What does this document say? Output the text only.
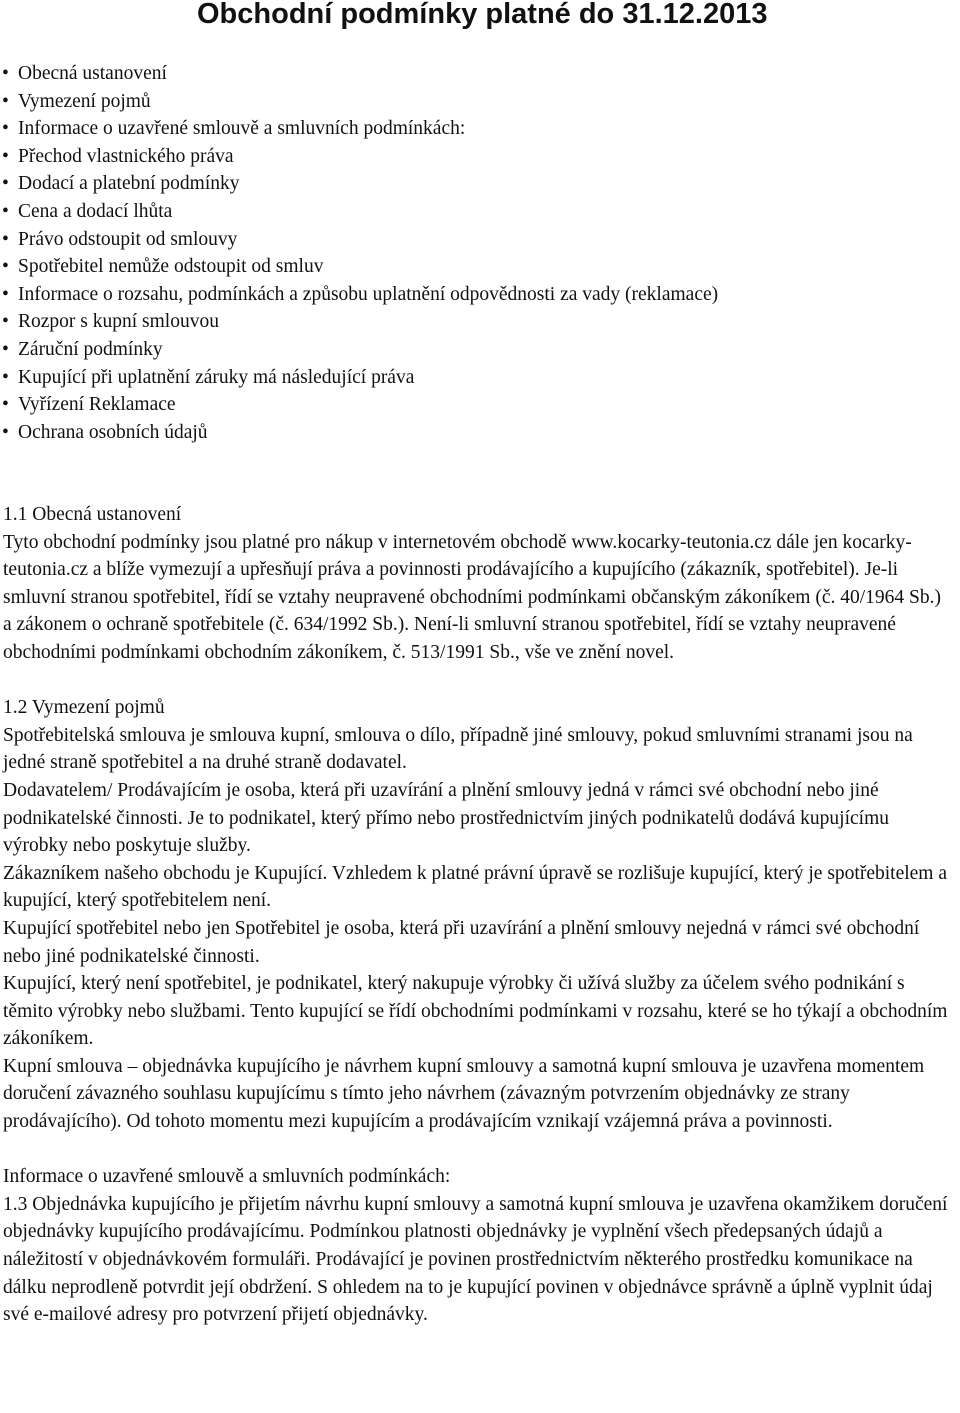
Obchodní podmínky platné do 31.12.2013
• Obecná ustanovení
• Vymezení pojmů
• Informace o uzavřené smlouvě a smluvních podmínkách:
• Přechod vlastnického práva
• Dodací a platební podmínky
• Cena a dodací lhůta
• Právo odstoupit od smlouvy
• Spotřebitel nemůže odstoupit od smluv
• Informace o rozsahu, podmínkách a způsobu uplatnění odpovědnosti za vady (reklamace)
• Rozpor s kupní smlouvou
• Záruční podmínky
• Kupující při uplatnění záruky má následující práva
• Vyřízení Reklamace
• Ochrana osobních údajů

1.1 Obecná ustanovení

Tyto obchodní podmínky jsou platné pro nákup v internetovém obchodě www.kocarky-teutonia.cz dále jen kocarky-teutonia.cz a blíže vymezují a upřesňují práva a povinnosti prodávajícího a kupujícího (zákazník, spotřebitel). Je-li smluvní stranou spotřebitel, řídí se vztahy neupravené obchodními podmínkami občanským zákoníkem (č. 40/1964 Sb.) a zákonem o ochraně spotřebitele (č. 634/1992 Sb.). Není-li smluvní stranou spotřebitel, řídí se vztahy neupravené obchodními podmínkami obchodním zákoníkem, č. 513/1991 Sb., vše ve znění novel.

1.2 Vymezení pojmů

Spotřebitelská smlouva je smlouva kupní, smlouva o dílo, případně jiné smlouvy, pokud smluvními stranami jsou na jedné straně spotřebitel a na druhé straně dodavatel.

Dodavatelem/ Prodávajícím je osoba, která při uzavírání a plnění smlouvy jedná v rámci své obchodní nebo jiné podnikatelské činnosti. Je to podnikatel, který přímo nebo prostřednictvím jiných podnikatelů dodává kupujícímu výrobky nebo poskytuje služby.

Zákazníkem našeho obchodu je Kupující. Vzhledem k platné právní úpravě se rozlišuje kupující, který je spotřebitelem a kupující, který spotřebitelem není.

Kupující spotřebitel nebo jen Spotřebitel je osoba, která při uzavírání a plnění smlouvy nejedná v rámci své obchodní nebo jiné podnikatelské činnosti.

Kupující, který není spotřebitel, je podnikatel, který nakupuje výrobky či užívá služby za účelem svého podnikání s těmito výrobky nebo službami. Tento kupující se řídí obchodními podmínkami v rozsahu, které se ho týkají a obchodním zákoníkem.

Kupní smlouva – objednávka kupujícího je návrhem kupní smlouvy a samotná kupní smlouva je uzavřena momentem doručení závazného souhlasu kupujícímu s tímto jeho návrhem (závazným potvrzením objednávky ze strany prodávajícího). Od tohoto momentu mezi kupujícím a prodávajícím vznikají vzájemná práva a povinnosti.

Informace o uzavřené smlouvě a smluvních podmínkách:

1.3 Objednávka kupujícího je přijetím návrhu kupní smlouvy a samotná kupní smlouva je uzavřena okamžikem doručení objednávky kupujícího prodávajícímu. Podmínkou platnosti objednávky je vyplnění všech předepsaných údajů a náležitostí v objednávkovém formuláři. Prodávající je povinen prostřednictvím některého prostředku komunikace na dálku neprodleně potvrdit její obdržení. S ohledem na to je kupující povinen v objednávce správně a úplně vyplnit údaj své e-mailové adresy pro potvrzení přijetí objednávky.
